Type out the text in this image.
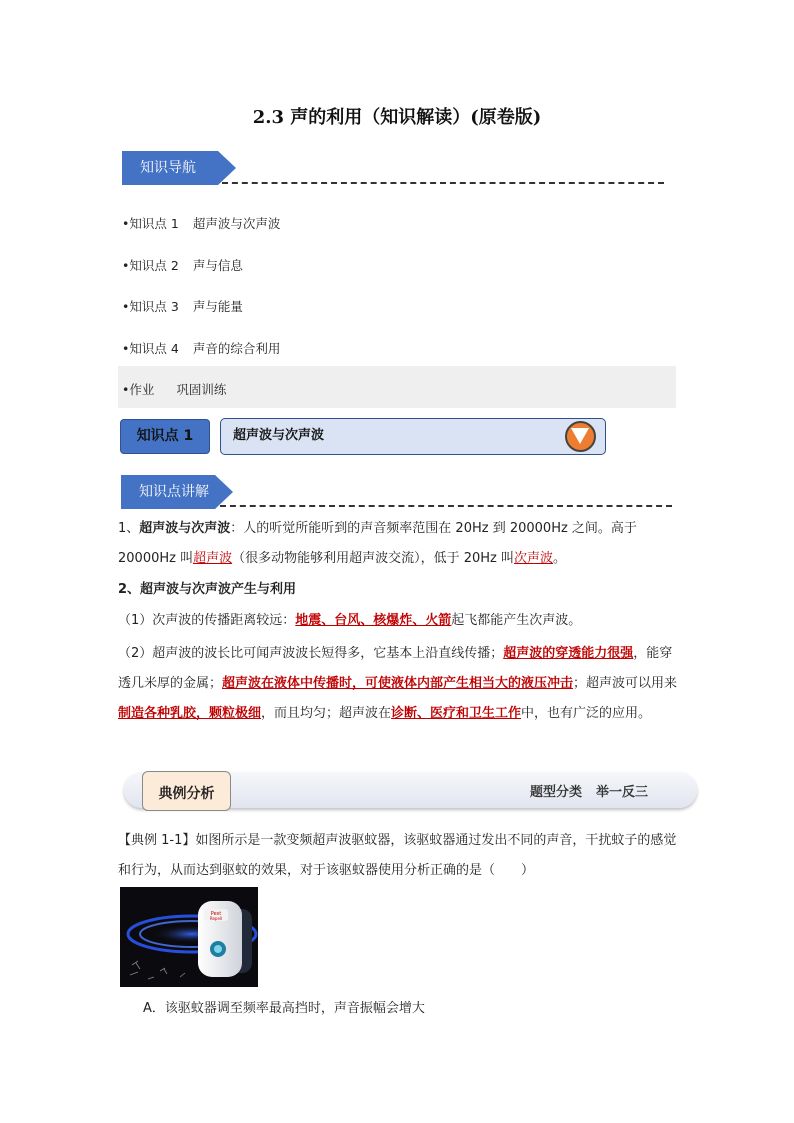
2.3 声的利用（知识解读）(原卷版)
知识导航
•知识点 1 超声波与次声波
•知识点 2 声与信息
•知识点 3 声与能量
•知识点 4 声音的综合利用
•作业 巩固训练
知识点 1	超声波与次声波
知识点讲解
1、超声波与次声波：人的听觉所能听到的声音频率范围在 20Hz 到 20000Hz 之间。高于 20000Hz 叫超声波（很多动物能够利用超声波交流），低于 20Hz 叫次声波。
2、超声波与次声波产生与利用
（1）次声波的传播距离较远：地震、台风、核爆炸、火箭起飞都能产生次声波。
（2）超声波的波长比可闻声波波长短得多，它基本上沿直线传播；超声波的穿透能力很强，能穿透几米厚的金属；超声波在液体中传播时，可使液体内部产生相当大的液压冲击；超声波可以用来制造各种乳胶，颗粒极细，而且均匀；超声波在诊断、医疗和卫生工作中，也有广泛的应用。
典例分析	题型分类 举一反三
【典例 1-1】如图所示是一款变频超声波驱蚊器，该驱蚊器通过发出不同的声音，干扰蚊子的感觉和行为，从而达到驱蚊的效果，对于该驱蚊器使用分析正确的是（　　）
Pest
Repell
A．该驱蚊器调至频率最高挡时，声音振幅会增大
